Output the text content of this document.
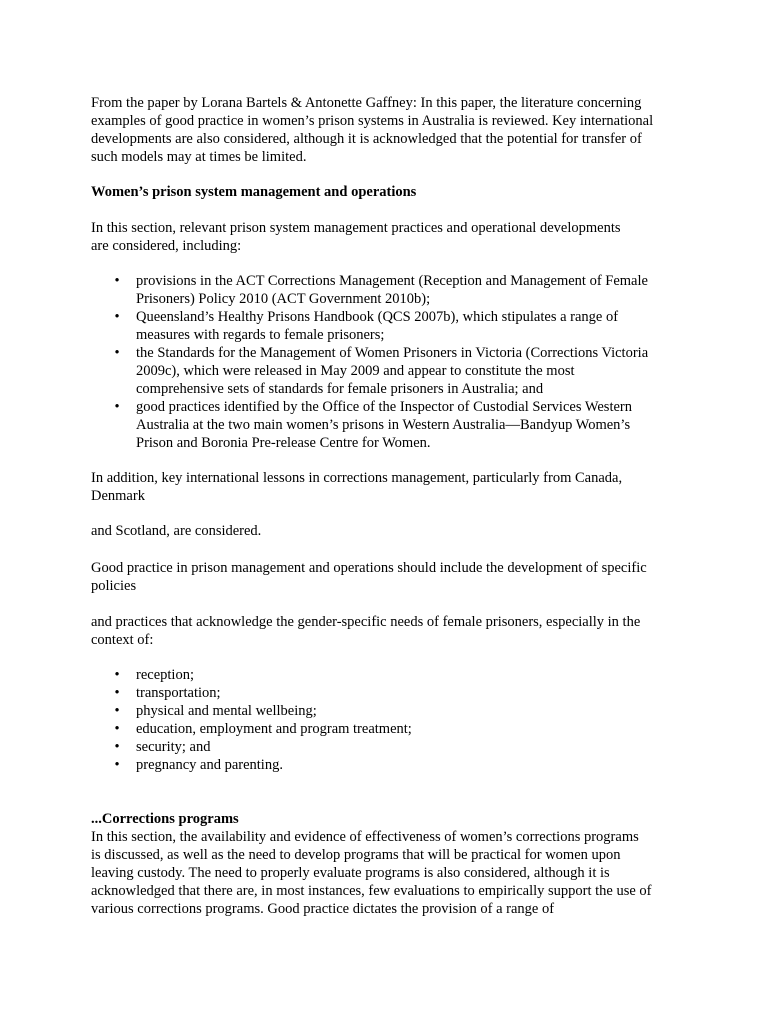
From the paper by Lorana Bartels & Antonette Gaffney: In this paper, the literature concerning
examples of good practice in women’s prison systems in Australia is reviewed. Key international
developments are also considered, although it is acknowledged that the potential for transfer of
such models may at times be limited.

Women’s prison system management and operations

In this section, relevant prison system management practices and operational developments
are considered, including:

• provisions in the ACT Corrections Management (Reception and Management of Female
Prisoners) Policy 2010 (ACT Government 2010b);
• Queensland’s Healthy Prisons Handbook (QCS 2007b), which stipulates a range of
measures with regards to female prisoners;
• the Standards for the Management of Women Prisoners in Victoria (Corrections Victoria
2009c), which were released in May 2009 and appear to constitute the most
comprehensive sets of standards for female prisoners in Australia; and
• good practices identified by the Office of the Inspector of Custodial Services Western
Australia at the two main women’s prisons in Western Australia—Bandyup Women’s
Prison and Boronia Pre-release Centre for Women.

In addition, key international lessons in corrections management, particularly from Canada,
Denmark

and Scotland, are considered.

Good practice in prison management and operations should include the development of specific
policies

and practices that acknowledge the gender-specific needs of female prisoners, especially in the
context of:

• reception;
• transportation;
• physical and mental wellbeing;
• education, employment and program treatment;
• security; and
• pregnancy and parenting.

...Corrections programs

In this section, the availability and evidence of effectiveness of women’s corrections programs
is discussed, as well as the need to develop programs that will be practical for women upon
leaving custody. The need to properly evaluate programs is also considered, although it is
acknowledged that there are, in most instances, few evaluations to empirically support the use of
various corrections programs. Good practice dictates the provision of a range of
